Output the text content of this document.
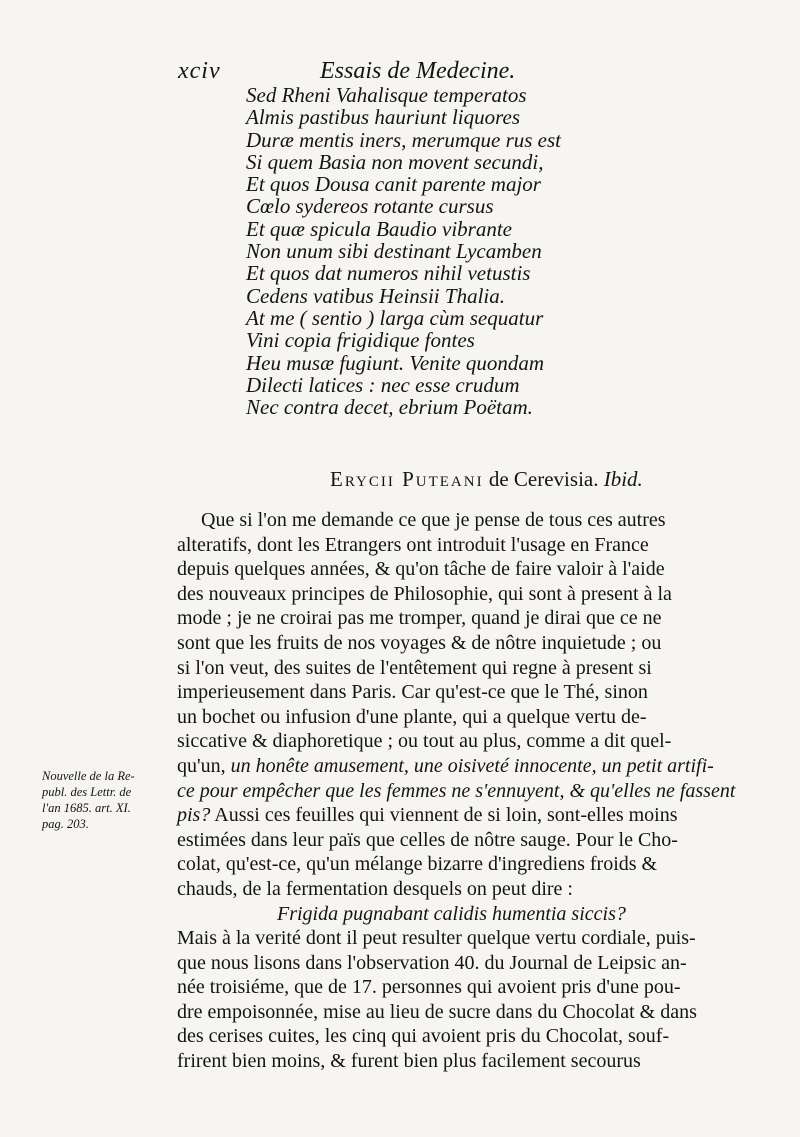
xciv	Essais de Medecine.
Sed Rheni Vahalisque temperatos
Almis pastibus hauriunt liquores
Duræ mentis iners, merumque rus est
Si quem Basia non movent secundi,
Et quos Dousa canit parente major
Cœlo sydereos rotante cursus
Et quæ spicula Baudio vibrante
Non unum sibi destinant Lycamben
Et quos dat numeros nihil vetustis
Cedens vatibus Heinsii Thalia.
At me ( sentio ) larga cùm sequatur
Vini copia frigidique fontes
Heu musæ fugiunt. Venite quondam
Dilecti latices : nec esse crudum
Nec contra decet, ebrium Poëtam.
Erycii Puteani de Cerevisia. Ibid.
Nouvelle de la Re-
publ. des Lettr. de
l'an 1685. art. XI.
pag. 203.
Que si l'on me demande ce que je pense de tous ces autres
alteratifs, dont les Etrangers ont introduit l'usage en France
depuis quelques années, & qu'on tâche de faire valoir à l'aide
des nouveaux principes de Philosophie, qui sont à present à la
mode ; je ne croirai pas me tromper, quand je dirai que ce ne
sont que les fruits de nos voyages & de nôtre inquietude ; ou
si l'on veut, des suites de l'entêtement qui regne à present si
imperieusement dans Paris. Car qu'est-ce que le Thé, sinon
un bochet ou infusion d'une plante, qui a quelque vertu de-
siccative & diaphoretique ; ou tout au plus, comme a dit quel-
qu'un, un honête amusement, une oisiveté innocente, un petit artifi-
ce pour empêcher que les femmes ne s'ennuyent, & qu'elles ne fassent
pis? Aussi ces feuilles qui viennent de si loin, sont-elles moins
estimées dans leur païs que celles de nôtre sauge. Pour le Cho-
colat, qu'est-ce, qu'un mélange bizarre d'ingrediens froids &
chauds, de la fermentation desquels on peut dire :
Frigida pugnabant calidis humentia siccis?
Mais à la verité dont il peut resulter quelque vertu cordiale, puis-
que nous lisons dans l'observation 40. du Journal de Leipsic an-
née troisiéme, que de 17. personnes qui avoient pris d'une pou-
dre empoisonnée, mise au lieu de sucre dans du Chocolat & dans
des cerises cuites, les cinq qui avoient pris du Chocolat, souf-
frirent bien moins, & furent bien plus facilement secourus
